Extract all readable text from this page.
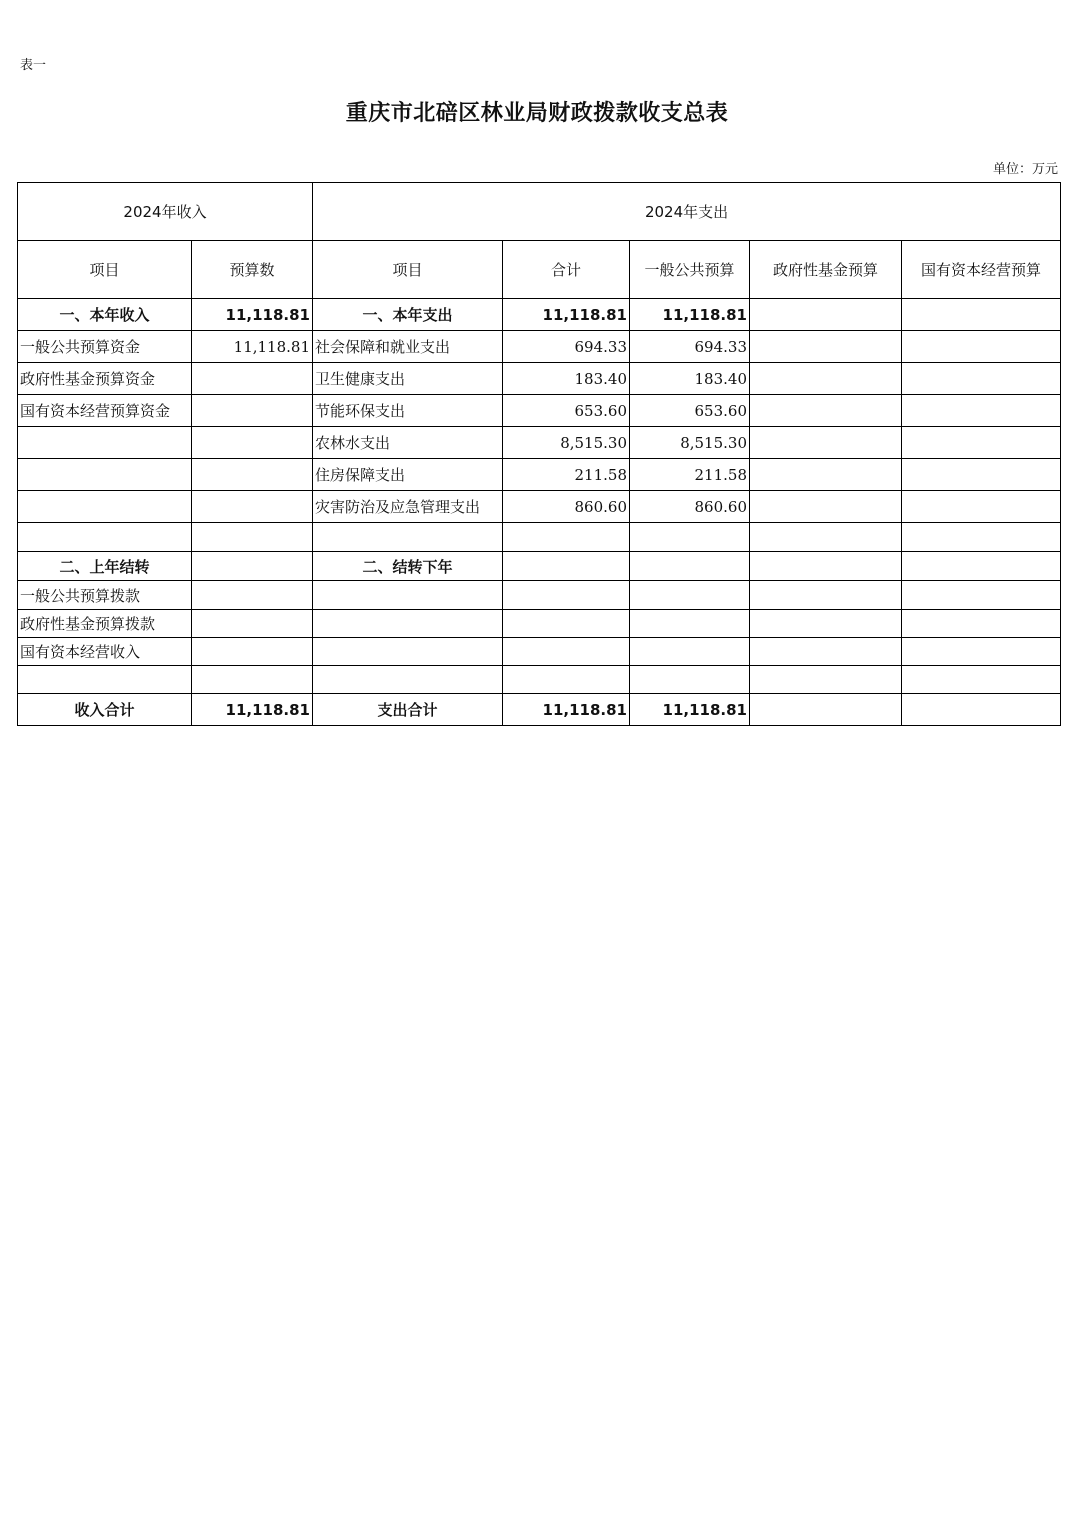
表一
重庆市北碚区林业局财政拨款收支总表
单位：万元
2024年收入		2024年支出				
项目	预算数	项目	合计	一般公共预算	政府性基金预算	国有资本经营预算
一、本年收入	11,118.81	一、本年支出	11,118.81	11,118.81		
一般公共预算资金	11,118.81	社会保障和就业支出	694.33	694.33		
政府性基金预算资金		卫生健康支出	183.40	183.40		
国有资本经营预算资金		节能环保支出	653.60	653.60		
		农林水支出	8,515.30	8,515.30		
		住房保障支出	211.58	211.58		
		灾害防治及应急管理支出	860.60	860.60		

二、上年结转		二、结转下年				
一般公共预算拨款						
政府性基金预算拨款						
国有资本经营收入						

收入合计	11,118.81	支出合计	11,118.81	11,118.81		
